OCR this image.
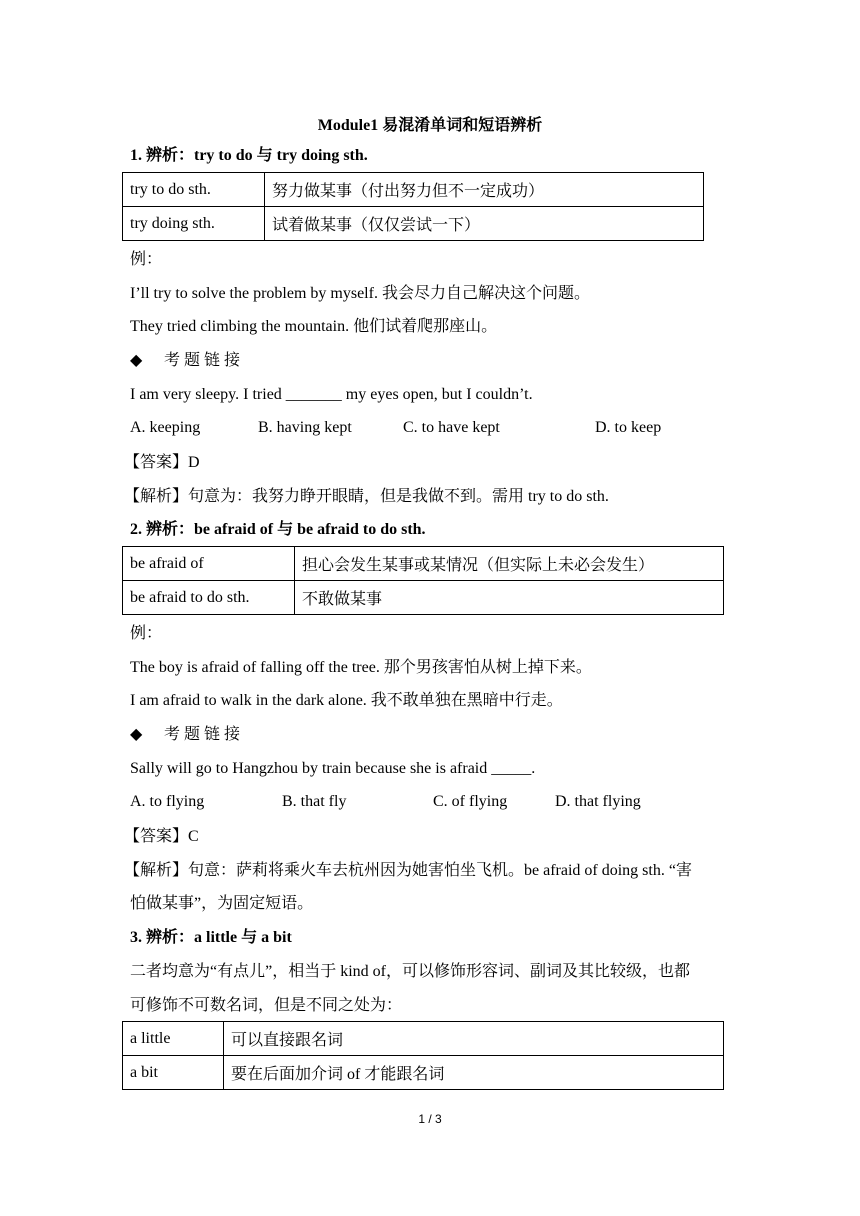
Module1 易混淆单词和短语辨析
1. 辨析：try to do 与 try doing sth.
try to do sth.	努力做某事（付出努力但不一定成功）
try doing sth.	试着做某事（仅仅尝试一下）
例：
I’ll try to solve the problem by myself. 我会尽力自己解决这个问题。
They tried climbing the mountain. 他们试着爬那座山。
◆ 考题链接
I am very sleepy. I tried _______ my eyes open, but I couldn’t.
A. keeping	B. having kept	C. to have kept	D. to keep
【答案】D
【解析】句意为：我努力睁开眼睛，但是我做不到。需用 try to do sth.
2. 辨析：be afraid of 与 be afraid to do sth.
be afraid of	担心会发生某事或某情况（但实际上未必会发生）
be afraid to do sth.	不敢做某事
例：
The boy is afraid of falling off the tree. 那个男孩害怕从树上掉下来。
I am afraid to walk in the dark alone. 我不敢单独在黑暗中行走。
◆ 考题链接
Sally will go to Hangzhou by train because she is afraid _____.
A. to flying	B. that fly	C. of flying	D. that flying
【答案】C
【解析】句意：萨莉将乘火车去杭州因为她害怕坐飞机。be afraid of doing sth. “害
怕做某事”，为固定短语。
3. 辨析：a little 与 a bit
二者均意为“有点儿”，相当于 kind of，可以修饰形容词、副词及其比较级，也都
可修饰不可数名词，但是不同之处为：
a little	可以直接跟名词
a bit	要在后面加介词 of 才能跟名词
1 / 3
